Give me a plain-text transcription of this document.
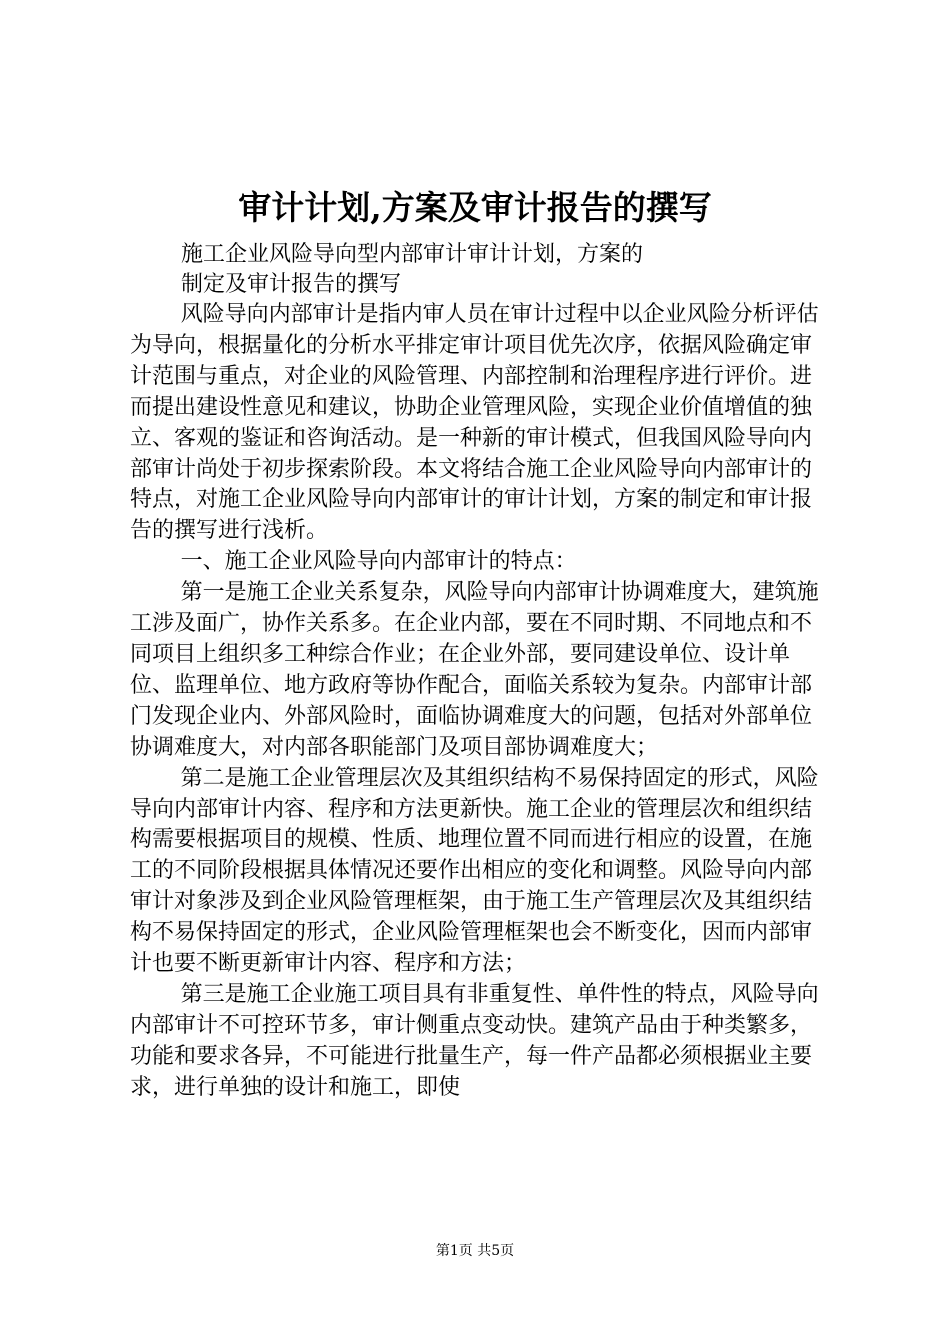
审计计划,方案及审计报告的撰写
施工企业风险导向型内部审计审计计划，方案的
制定及审计报告的撰写

风险导向内部审计是指内审人员在审计过程中以企业风险分析评估为导向，根据量化的分析水平排定审计项目优先次序，依据风险确定审计范围与重点，对企业的风险管理、内部控制和治理程序进行评价。进而提出建设性意见和建议，协助企业管理风险，实现企业价值增值的独立、客观的鉴证和咨询活动。是一种新的审计模式，但我国风险导向内部审计尚处于初步探索阶段。本文将结合施工企业风险导向内部审计的特点，对施工企业风险导向内部审计的审计计划，方案的制定和审计报告的撰写进行浅析。

一、施工企业风险导向内部审计的特点：

第一是施工企业关系复杂，风险导向内部审计协调难度大，建筑施工涉及面广，协作关系多。在企业内部，要在不同时期、不同地点和不同项目上组织多工种综合作业；在企业外部，要同建设单位、设计单位、监理单位、地方政府等协作配合，面临关系较为复杂。内部审计部门发现企业内、外部风险时，面临协调难度大的问题，包括对外部单位协调难度大，对内部各职能部门及项目部协调难度大；

第二是施工企业管理层次及其组织结构不易保持固定的形式，风险导向内部审计内容、程序和方法更新快。施工企业的管理层次和组织结构需要根据项目的规模、性质、地理位置不同而进行相应的设置，在施工的不同阶段根据具体情况还要作出相应的变化和调整。风险导向内部审计对象涉及到企业风险管理框架，由于施工生产管理层次及其组织结构不易保持固定的形式，企业风险管理框架也会不断变化，因而内部审计也要不断更新审计内容、程序和方法；

第三是施工企业施工项目具有非重复性、单件性的特点，风险导向内部审计不可控环节多，审计侧重点变动快。建筑产品由于种类繁多，功能和要求各异，不可能进行批量生产，每一件产品都必须根据业主要求，进行单独的设计和施工，即使

第1页 共5页
